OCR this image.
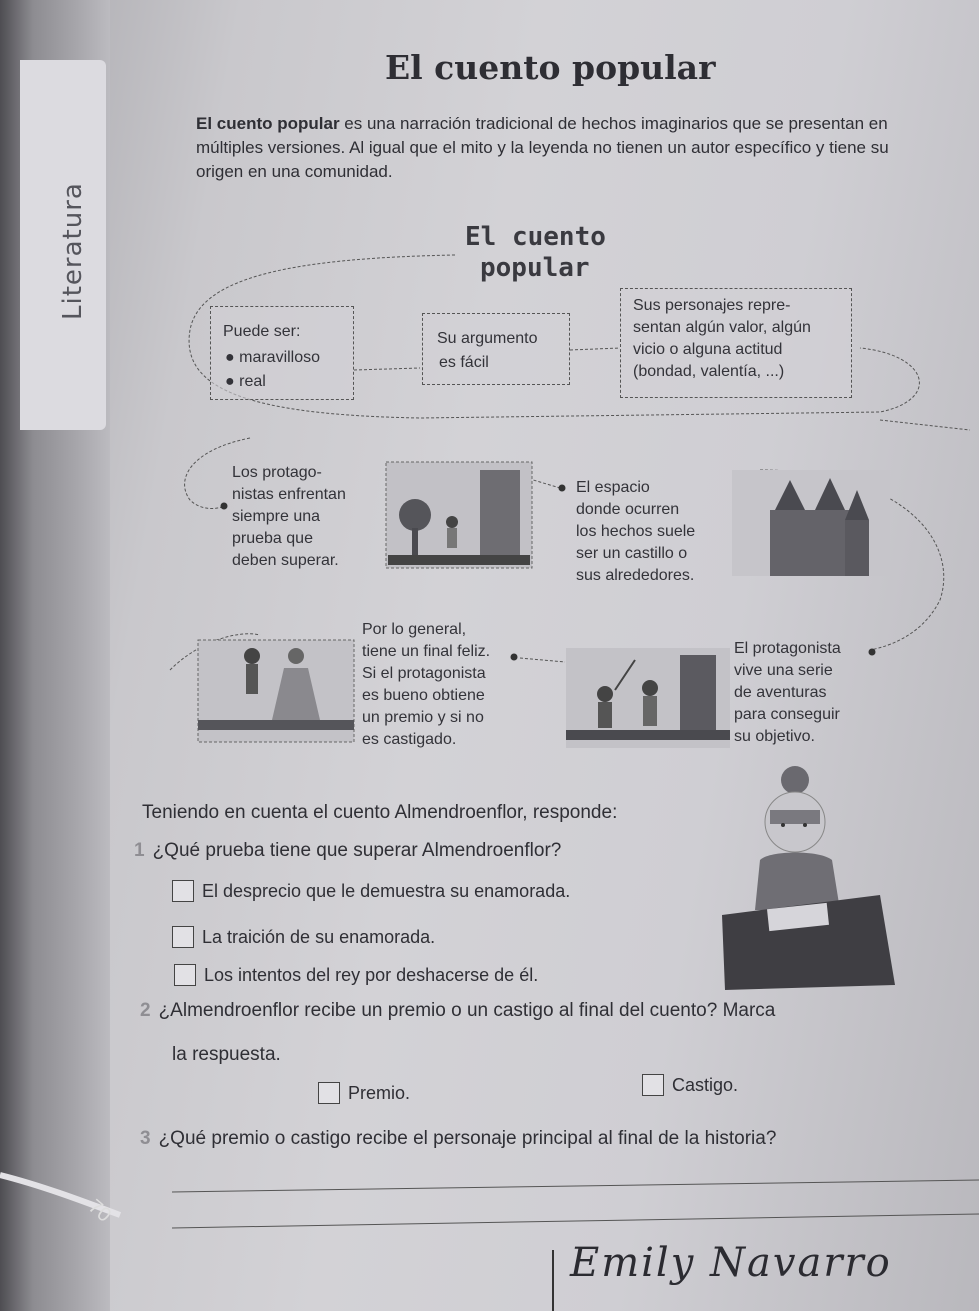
Literatura
El cuento popular
El cuento popular es una narración tradicional de hechos imaginarios que se presentan en múltiples versiones. Al igual que el mito y la leyenda no tienen un autor específico y tiene su origen en una comunidad.
El cuento
popular
Puede ser:
● maravilloso
● real
Su argumento
es fácil
Sus personajes repre-
sentan algún valor, algún
vicio o alguna actitud
(bondad, valentía, ...)
Los protago-
nistas enfrentan
siempre una
prueba que
deben superar.
El espacio
donde ocurren
los hechos suele
ser un castillo o
sus alrededores.
Por lo general,
tiene un final feliz.
Si el protagonista
es bueno obtiene
un premio y si no
es castigado.
El protagonista
vive una serie
de aventuras
para conseguir
su objetivo.
Teniendo en cuenta el cuento Almendroenflor, responde:
1 ¿Qué prueba tiene que superar Almendroenflor?
El desprecio que le demuestra su enamorada.
La traición de su enamorada.
Los intentos del rey por deshacerse de él.
2 ¿Almendroenflor recibe un premio o un castigo al final del cuento? Marca
la respuesta.
Premio.	Castigo.
3 ¿Qué premio o castigo recibe el personaje principal al final de la historia?
70
Emily Navarro
